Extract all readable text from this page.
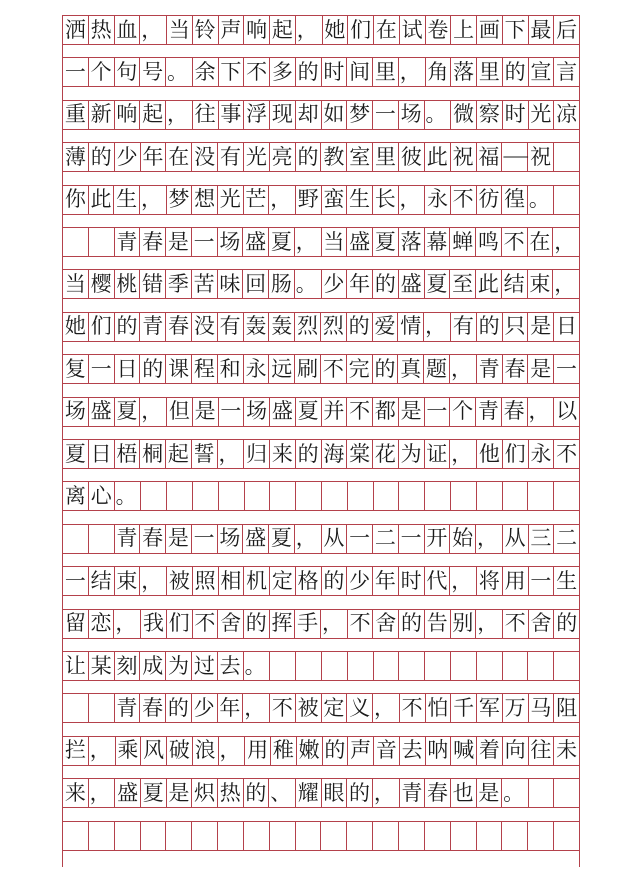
洒 热 血 ， 当 铃 声 响 起 ， 她 们 在 试 卷 上 画 下 最 后
一 个 句 号 。 余 下 不 多 的 时 间 里 ， 角 落 里 的 宣 言
重 新 响 起 ， 往 事 浮 现 却 如 梦 一 场 。 微 察 时 光 凉
薄 的 少 年 在 没 有 光 亮 的 教 室 里 彼 此 祝 福 —— 祝
你 此 生 ， 梦 想 光 芒 ， 野 蛮 生 长 ， 永 不 彷 徨 。
青 春 是 一 场 盛 夏 ， 当 盛 夏 落 幕 蝉 鸣 不 在 ，
当 樱 桃 错 季 苦 味 回 肠 。 少 年 的 盛 夏 至 此 结 束 ，
她 们 的 青 春 没 有 轰 轰 烈 烈 的 爱 情 ， 有 的 只 是 日
复 一 日 的 课 程 和 永 远 刷 不 完 的 真 题 ， 青 春 是 一
场 盛 夏 ， 但 是 一 场 盛 夏 并 不 都 是 一 个 青 春 ， 以
夏 日 梧 桐 起 誓 ， 归 来 的 海 棠 花 为 证 ， 他 们 永 不
离 心 。
青 春 是 一 场 盛 夏 ， 从 一 二 一 开 始 ， 从 三 二
一 结 束 ， 被 照 相 机 定 格 的 少 年 时 代 ， 将 用 一 生
留 恋 ， 我 们 不 舍 的 挥 手 ， 不 舍 的 告 别 ， 不 舍 的
让 某 刻 成 为 过 去 。
青 春 的 少 年 ， 不 被 定 义 ， 不 怕 千 军 万 马 阻
拦 ， 乘 风 破 浪 ， 用 稚 嫩 的 声 音 去 呐 喊 着 向 往 未
来 ， 盛 夏 是 炽 热 的 、 耀 眼 的 ， 青 春 也 是 。
